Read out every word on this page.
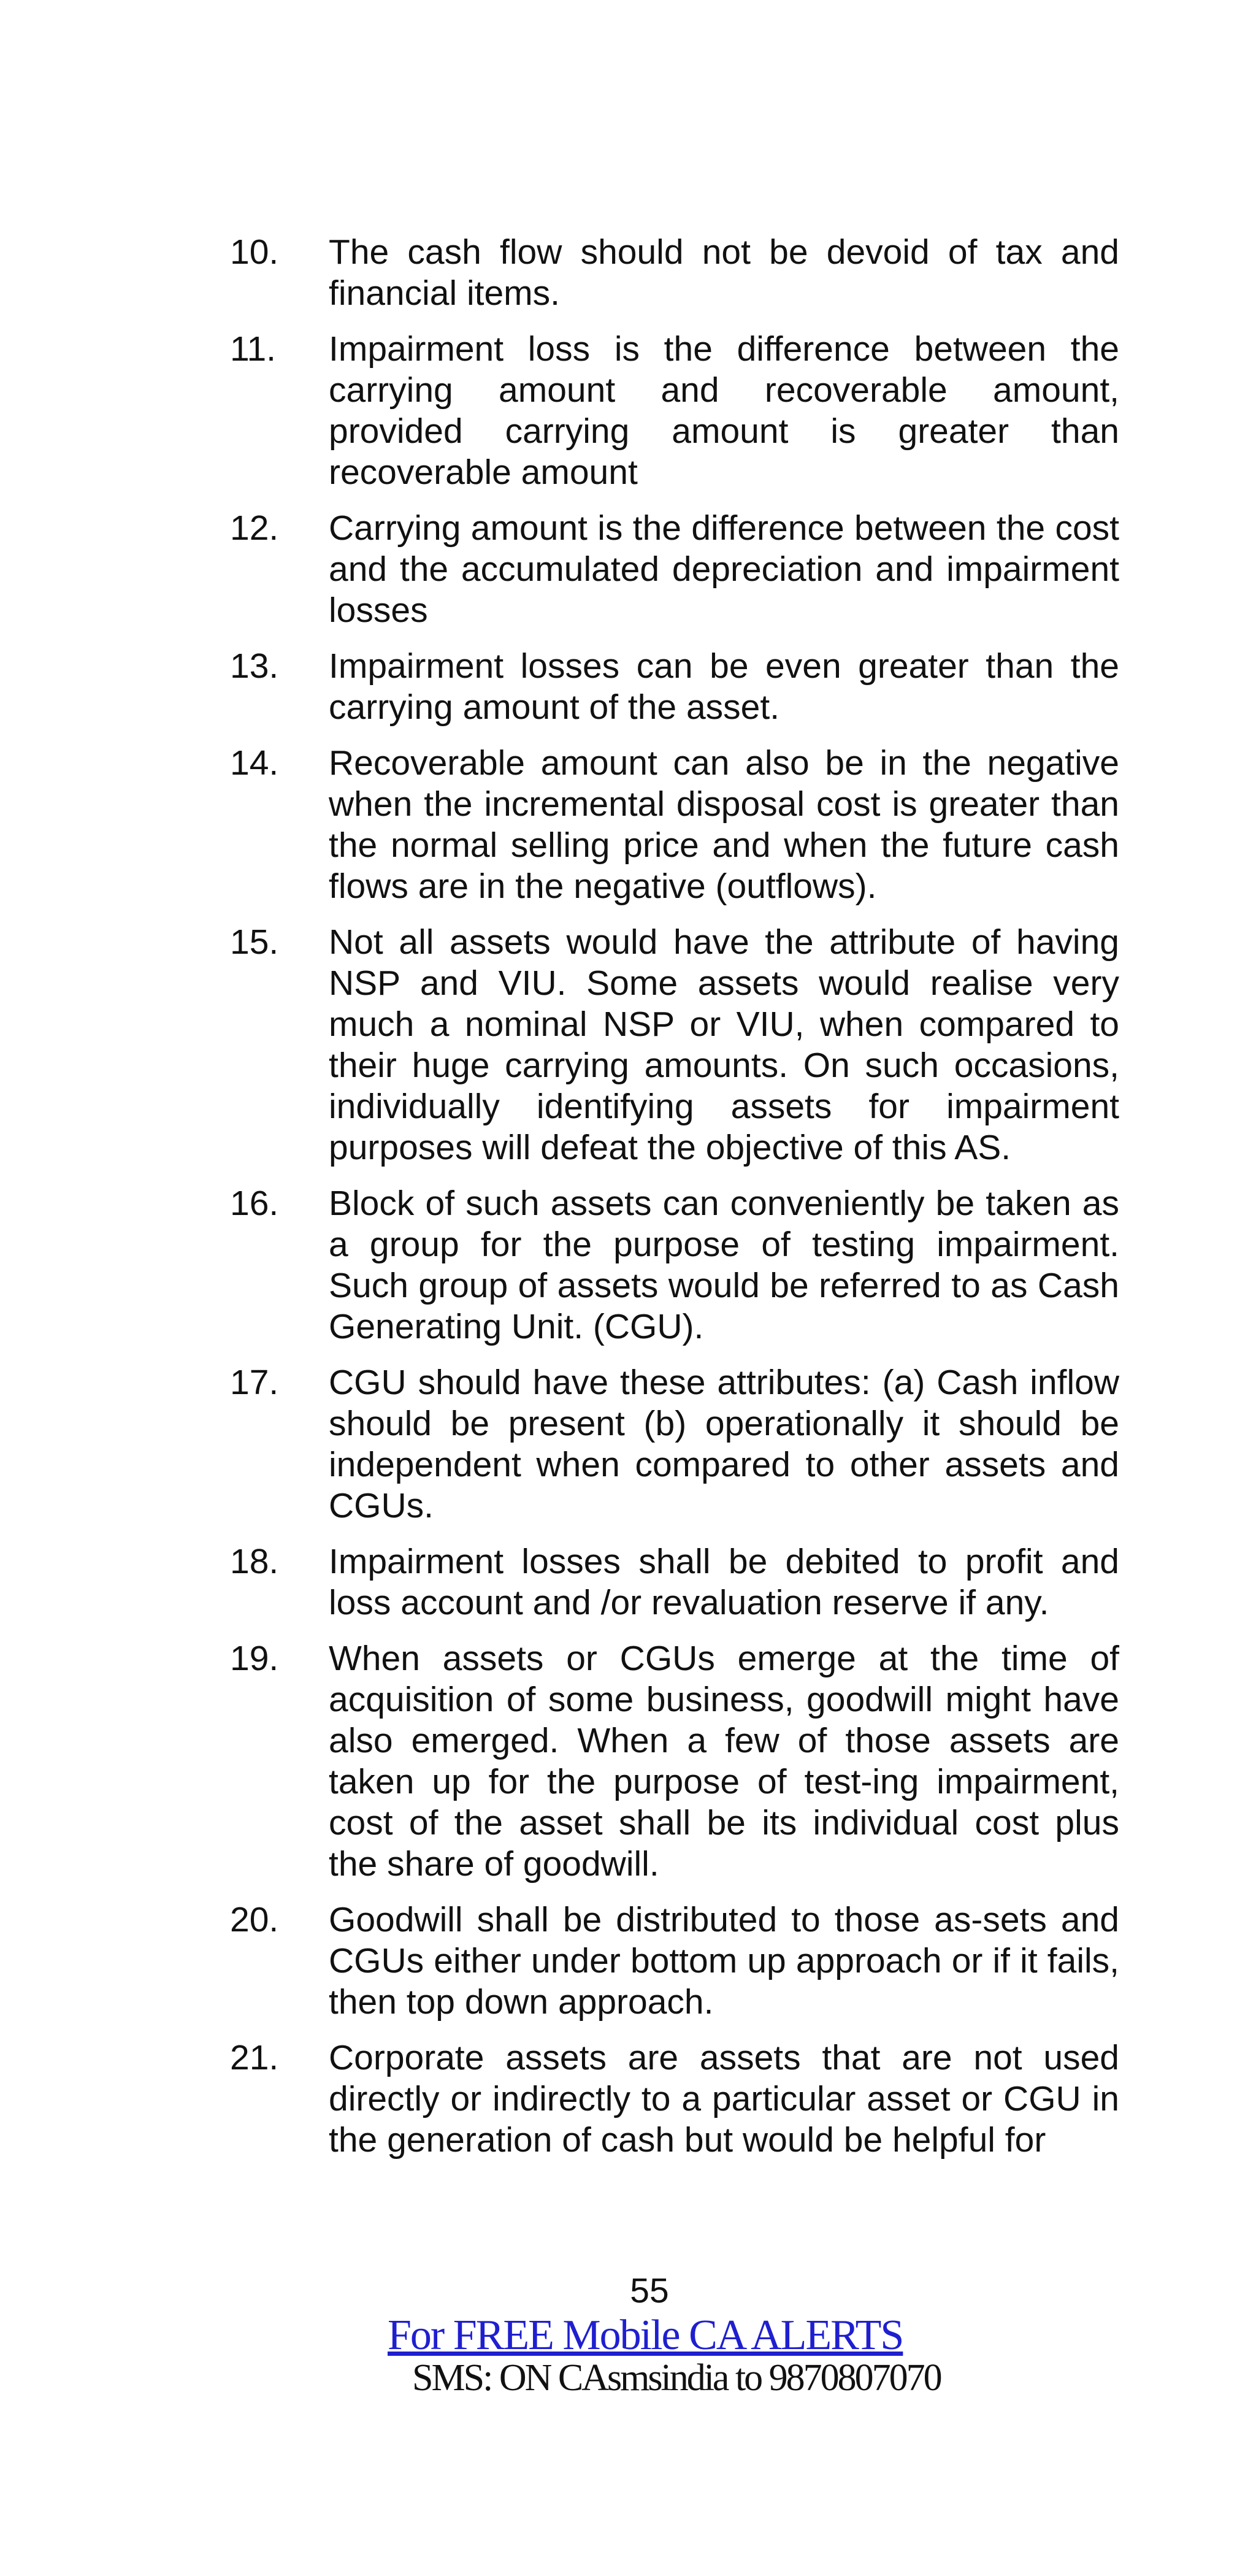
10.	The cash flow should not be devoid of tax and financial items.
11.	Impairment loss is the difference between the carrying amount and recoverable amount, provided carrying amount is greater than recoverable amount
12.	Carrying amount is the difference between the cost and the accumulated depreciation and impairment losses
13.	Impairment losses can be even greater than the carrying amount of the asset.
14.	Recoverable amount can also be in the negative when the incremental disposal cost is greater than the normal selling price and when the future cash flows are in the negative (outflows).
15.	Not all assets would have the attribute of having NSP and VIU. Some assets would realise very much a nominal NSP or VIU, when compared to their huge carrying amounts. On such occasions, individually identifying assets for impairment purposes will defeat the objective of this AS.
16.	Block of such assets can conveniently be taken as a group for the purpose of testing impairment. Such group of assets would be referred to as Cash Generating Unit. (CGU).
17.	CGU should have these attributes: (a) Cash inflow should be present (b) operationally it should be independent when compared to other assets and CGUs.
18.	Impairment losses shall be debited to profit and loss account and /or revaluation reserve if any.
19.	When assets or CGUs emerge at the time of acquisition of some business, goodwill might have also emerged. When a few of those assets are taken up for the purpose of test-ing impairment, cost of the asset shall be its individual cost plus the share of goodwill.
20.	Goodwill shall be distributed to those as-sets and CGUs either under bottom up approach or if it fails, then top down approach.
21.	Corporate assets are assets that are not used directly or indirectly to a particular asset or CGU in the generation of cash but would be helpful for
55
For FREE Mobile CA ALERTS
SMS: ON CAsmsindia to 9870807070
